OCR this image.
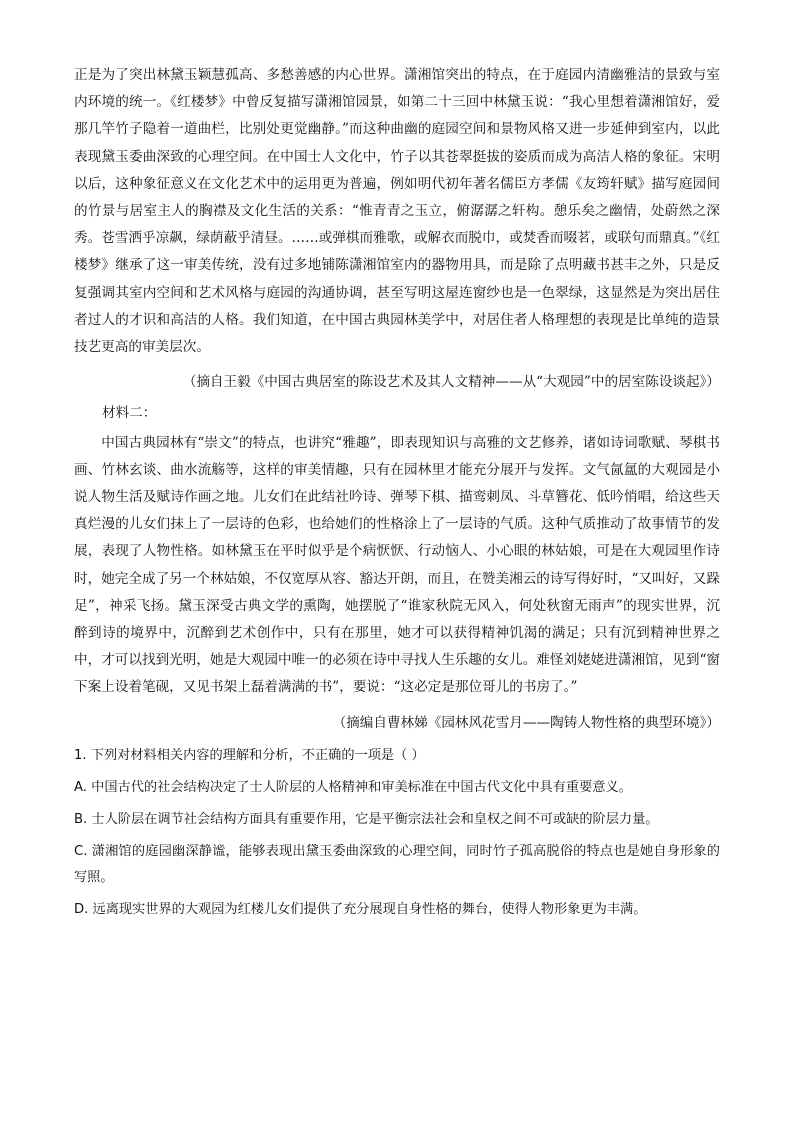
正是为了突出林黛玉颖慧孤高、多愁善感的内心世界。潇湘馆突出的特点，在于庭园内清幽雅洁的景致与室内环境的统一。《红楼梦》中曾反复描写潇湘馆园景，如第二十三回中林黛玉说：“我心里想着潇湘馆好，爱那几竿竹子隐着一道曲栏，比别处更觉幽静。”而这种曲幽的庭园空间和景物风格又进一步延伸到室内，以此表现黛玉委曲深致的心理空间。在中国士人文化中，竹子以其苍翠挺拔的姿质而成为高洁人格的象征。宋明以后，这种象征意义在文化艺术中的运用更为普遍，例如明代初年著名儒臣方孝儒《友筠轩赋》描写庭园间的竹景与居室主人的胸襟及文化生活的关系：“惟青青之玉立，俯潺潺之轩构。憩乐矣之幽情，处蔚然之深秀。苍雪洒乎凉飙，绿荫蔽乎清昼。……或弹棋而雅歌，或解衣而脱巾，或焚香而啜茗，或联句而鼎真。”《红楼梦》继承了这一审美传统，没有过多地铺陈潇湘馆室内的器物用具，而是除了点明藏书甚丰之外，只是反复强调其室内空间和艺术风格与庭园的沟通协调，甚至写明这屋连窗纱也是一色翠绿，这显然是为突出居住者过人的才识和高洁的人格。我们知道，在中国古典园林美学中，对居住者人格理想的表现是比单纯的造景技艺更高的审美层次。

（摘自王毅《中国古典居室的陈设艺术及其人文精神——从“大观园”中的居室陈设谈起》）
材料二：

中国古典园林有“崇文”的特点，也讲究“雅趣”，即表现知识与高雅的文艺修养，诸如诗词歌赋、琴棋书画、竹林玄谈、曲水流觞等，这样的审美情趣，只有在园林里才能充分展开与发挥。文气氤氲的大观园是小说人物生活及赋诗作画之地。儿女们在此结社吟诗、弹琴下棋、描鸾刺凤、斗草簪花、低吟悄唱，给这些天真烂漫的儿女们抹上了一层诗的色彩，也给她们的性格涂上了一层诗的气质。这种气质推动了故事情节的发展，表现了人物性格。如林黛玉在平时似乎是个病恹恹、行动恼人、小心眼的林姑娘，可是在大观园里作诗时，她完全成了另一个林姑娘，不仅宽厚从容、豁达开朗，而且，在赞美湘云的诗写得好时，“又叫好，又跺足”，神采飞扬。黛玉深受古典文学的熏陶，她摆脱了“谁家秋院无风入，何处秋窗无雨声”的现实世界，沉醉到诗的境界中，沉醉到艺术创作中，只有在那里，她才可以获得精神饥渴的满足；只有沉到精神世界之中，才可以找到光明，她是大观园中唯一的必须在诗中寻找人生乐趣的女儿。难怪刘姥姥进潇湘馆，见到“窗下案上设着笔砚，又见书架上磊着满满的书”，要说：“这必定是那位哥儿的书房了。”

（摘编自曹林娣《园林风花雪月——陶铸人物性格的典型环境》）
1. 下列对材料相关内容的理解和分析，不正确的一项是（ ）
A. 中国古代的社会结构决定了士人阶层的人格精神和审美标准在中国古代文化中具有重要意义。
B. 士人阶层在调节社会结构方面具有重要作用，它是平衡宗法社会和皇权之间不可或缺的阶层力量。
C. 潇湘馆的庭园幽深静谧，能够表现出黛玉委曲深致的心理空间，同时竹子孤高脱俗的特点也是她自身形象的写照。
D. 远离现实世界的大观园为红楼儿女们提供了充分展现自身性格的舞台，使得人物形象更为丰满。
